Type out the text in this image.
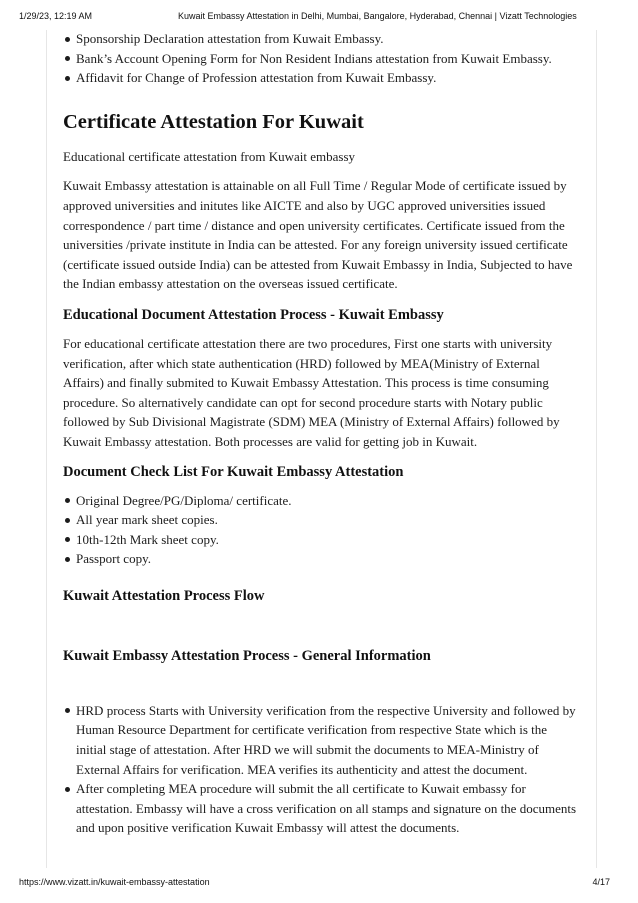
1/29/23, 12:19 AM	Kuwait Embassy Attestation in Delhi, Mumbai, Bangalore, Hyderabad, Chennai | Vizatt Technologies
Sponsorship Declaration attestation from Kuwait Embassy.
Bank’s Account Opening Form for Non Resident Indians attestation from Kuwait Embassy.
Affidavit for Change of Profession attestation from Kuwait Embassy.
Certificate Attestation For Kuwait

Educational certificate attestation from Kuwait embassy

Kuwait Embassy attestation is attainable on all Full Time / Regular Mode of certificate issued by approved universities and initutes like AICTE and also by UGC approved universities issued correspondence / part time / distance and open university certificates. Certificate issued from the universities /private institute in India can be attested. For any foreign university issued certificate (certificate issued outside India) can be attested from Kuwait Embassy in India, Subjected to have the Indian embassy attestation on the overseas issued certificate.

Educational Document Attestation Process - Kuwait Embassy

For educational certificate attestation there are two procedures, First one starts with university verification, after which state authentication (HRD) followed by MEA(Ministry of External Affairs) and finally submited to Kuwait Embassy Attestation. This process is time consuming procedure. So alternatively candidate can opt for second procedure starts with Notary public followed by Sub Divisional Magistrate (SDM) MEA (Ministry of External Affairs) followed by Kuwait Embassy attestation. Both processes are valid for getting job in Kuwait.

Document Check List For Kuwait Embassy Attestation
Original Degree/PG/Diploma/ certificate.
All year mark sheet copies.
10th-12th Mark sheet copy.
Passport copy.
Kuwait Attestation Process Flow
Kuwait Embassy Attestation Process - General Information
HRD process Starts with University verification from the respective University and followed by Human Resource Department for certificate verification from respective State which is the initial stage of attestation. After HRD we will submit the documents to MEA-Ministry of External Affairs for verification. MEA verifies its authenticity and attest the document.
After completing MEA procedure will submit the all certificate to Kuwait embassy for attestation. Embassy will have a cross verification on all stamps and signature on the documents and upon positive verification Kuwait Embassy will attest the documents.
https://www.vizatt.in/kuwait-embassy-attestation	4/17
